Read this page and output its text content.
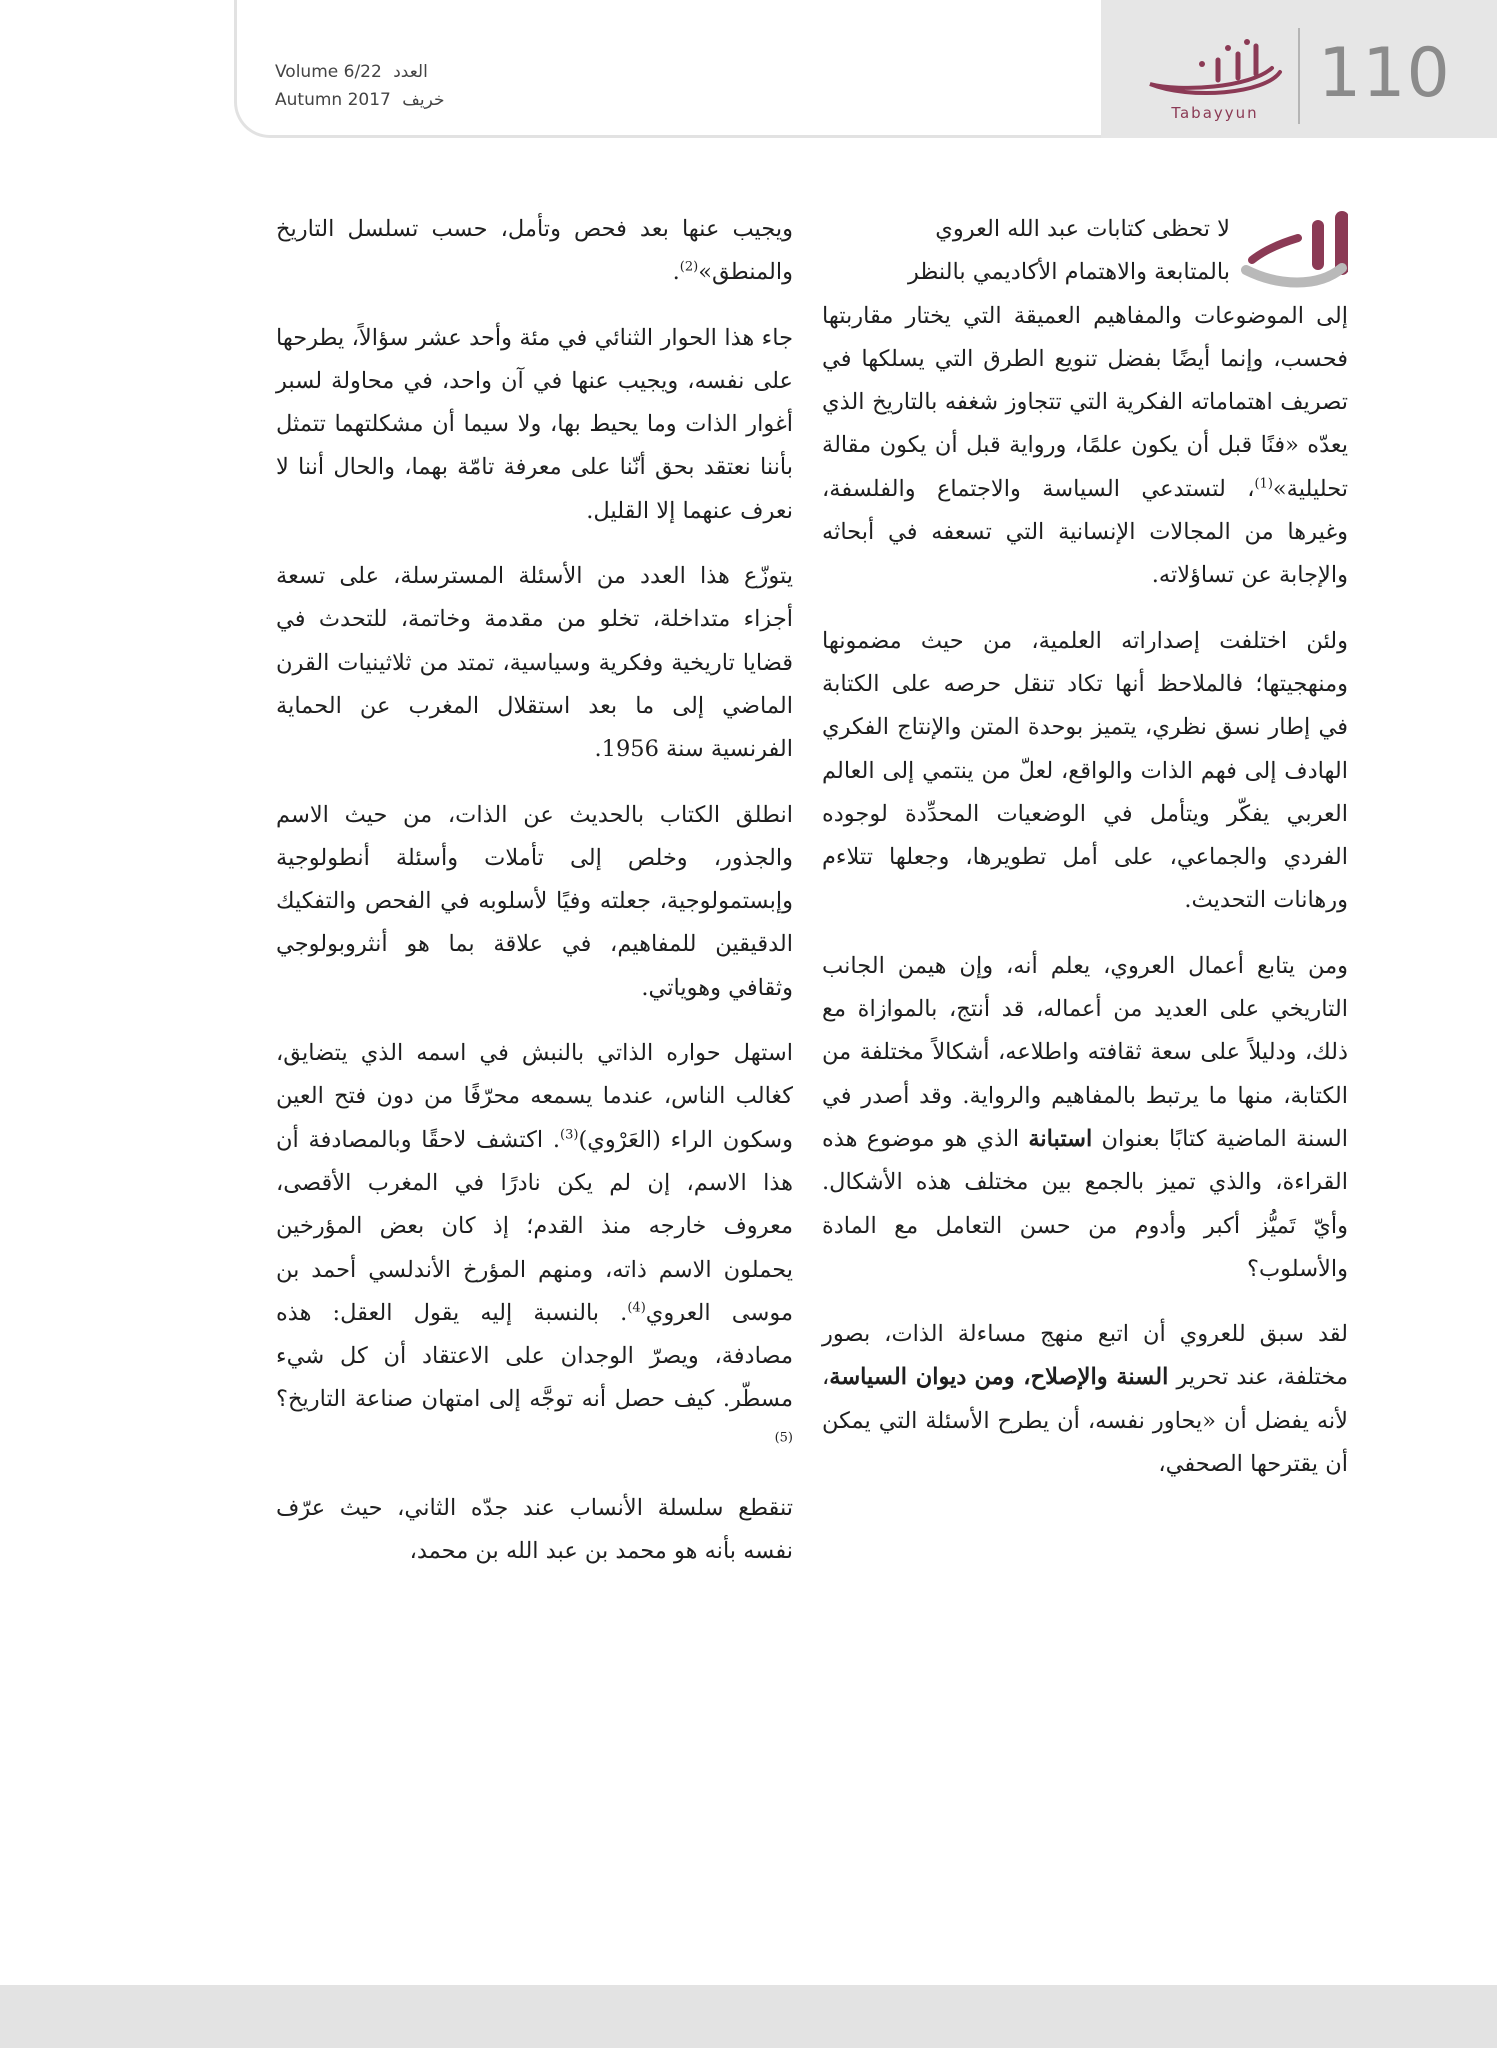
110
Tabayyun
Volume 6/22 العدد
Autumn 2017 خريف

لا تحظى كتابات عبد الله العروي
بالمتابعة والاهتمام الأكاديمي بالنظر
إلى الموضوعات والمفاهيم العميقة التي يختار مقاربتها فحسب، وإنما أيضًا بفضل تنويع الطرق التي يسلكها في تصريف اهتماماته الفكرية التي تتجاوز شغفه بالتاريخ الذي يعدّه «فنًا قبل أن يكون علمًا، ورواية قبل أن يكون مقالة تحليلية»$^{(1)}$، لتستدعي السياسة والاجتماع والفلسفة، وغيرها من المجالات الإنسانية التي تسعفه في أبحاثه والإجابة عن تساؤلاته.

ولئن اختلفت إصداراته العلمية، من حيث مضمونها ومنهجيتها؛ فالملاحظ أنها تكاد تنقل حرصه على الكتابة في إطار نسق نظري، يتميز بوحدة المتن والإنتاج الفكري الهادف إلى فهم الذات والواقع، لعلّ من ينتمي إلى العالم العربي يفكّر ويتأمل في الوضعيات المحدِّدة لوجوده الفردي والجماعي، على أمل تطويرها، وجعلها تتلاءم ورهانات التحديث.

ومن يتابع أعمال العروي، يعلم أنه، وإن هيمن الجانب التاريخي على العديد من أعماله، قد أنتج، بالموازاة مع ذلك، ودليلاً على سعة ثقافته واطلاعه، أشكالاً مختلفة من الكتابة، منها ما يرتبط بالمفاهيم والرواية. وقد أصدر في السنة الماضية كتابًا بعنوان استبانة الذي هو موضوع هذه القراءة، والذي تميز بالجمع بين مختلف هذه الأشكال. وأيّ تَميُّز أكبر وأدوم من حسن التعامل مع المادة والأسلوب؟

لقد سبق للعروي أن اتبع منهج مساءلة الذات، بصور مختلفة، عند تحرير السنة والإصلاح، ومن ديوان السياسة، لأنه يفضل أن «يحاور نفسه، أن يطرح الأسئلة التي يمكن أن يقترحها الصحفي،

ويجيب عنها بعد فحص وتأمل، حسب تسلسل التاريخ والمنطق»$^{(2)}$.

جاء هذا الحوار الثنائي في مئة وأحد عشر سؤالاً، يطرحها على نفسه، ويجيب عنها في آن واحد، في محاولة لسبر أغوار الذات وما يحيط بها، ولا سيما أن مشكلتهما تتمثل بأننا نعتقد بحق أنّنا على معرفة تامّة بهما، والحال أننا لا نعرف عنهما إلا القليل.

يتوزّع هذا العدد من الأسئلة المسترسلة، على تسعة أجزاء متداخلة، تخلو من مقدمة وخاتمة، للتحدث في قضايا تاريخية وفكرية وسياسية، تمتد من ثلاثينيات القرن الماضي إلى ما بعد استقلال المغرب عن الحماية الفرنسية سنة 1956.

انطلق الكتاب بالحديث عن الذات، من حيث الاسم والجذور، وخلص إلى تأملات وأسئلة أنطولوجية وإبستمولوجية، جعلته وفيًا لأسلوبه في الفحص والتفكيك الدقيقين للمفاهيم، في علاقة بما هو أنثروبولوجي وثقافي وهوياتي.

استهل حواره الذاتي بالنبش في اسمه الذي يتضايق، كغالب الناس، عندما يسمعه محرّفًا من دون فتح العين وسكون الراء (العَرْوي)$^{(3)}$. اكتشف لاحقًا وبالمصادفة أن هذا الاسم، إن لم يكن نادرًا في المغرب الأقصى، معروف خارجه منذ القدم؛ إذ كان بعض المؤرخين يحملون الاسم ذاته، ومنهم المؤرخ الأندلسي أحمد بن موسى العروي$^{(4)}$. بالنسبة إليه يقول العقل: هذه مصادفة، ويصرّ الوجدان على الاعتقاد أن كل شيء مسطّر. كيف حصل أنه توجَّه إلى امتهان صناعة التاريخ؟$^{(5)}$

تنقطع سلسلة الأنساب عند جدّه الثاني، حيث عرّف نفسه بأنه هو محمد بن عبد الله بن محمد،
